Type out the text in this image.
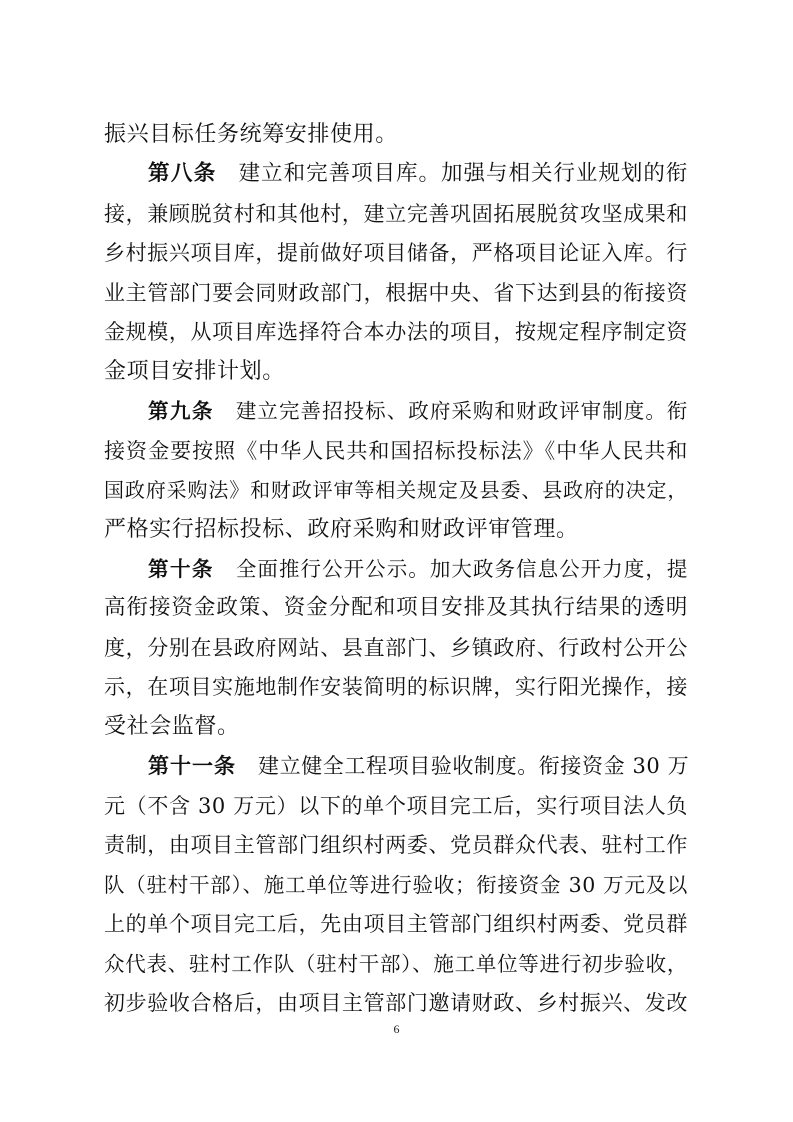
振兴目标任务统筹安排使用。
第八条 建立和完善项目库。加强与相关行业规划的衔
接，兼顾脱贫村和其他村，建立完善巩固拓展脱贫攻坚成果和
乡村振兴项目库，提前做好项目储备，严格项目论证入库。行
业主管部门要会同财政部门，根据中央、省下达到县的衔接资
金规模，从项目库选择符合本办法的项目，按规定程序制定资
金项目安排计划。
第九条 建立完善招投标、政府采购和财政评审制度。衔
接资金要按照《中华人民共和国招标投标法》《中华人民共和
国政府采购法》和财政评审等相关规定及县委、县政府的决定，
严格实行招标投标、政府采购和财政评审管理。
第十条 全面推行公开公示。加大政务信息公开力度，提
高衔接资金政策、资金分配和项目安排及其执行结果的透明
度，分别在县政府网站、县直部门、乡镇政府、行政村公开公
示，在项目实施地制作安装简明的标识牌，实行阳光操作，接
受社会监督。
第十一条 建立健全工程项目验收制度。衔接资金 30 万
元（不含 30 万元）以下的单个项目完工后，实行项目法人负
责制，由项目主管部门组织村两委、党员群众代表、驻村工作
队（驻村干部）、施工单位等进行验收；衔接资金 30 万元及以
上的单个项目完工后，先由项目主管部门组织村两委、党员群
众代表、驻村工作队（驻村干部）、施工单位等进行初步验收，
初步验收合格后，由项目主管部门邀请财政、乡村振兴、发改
6
